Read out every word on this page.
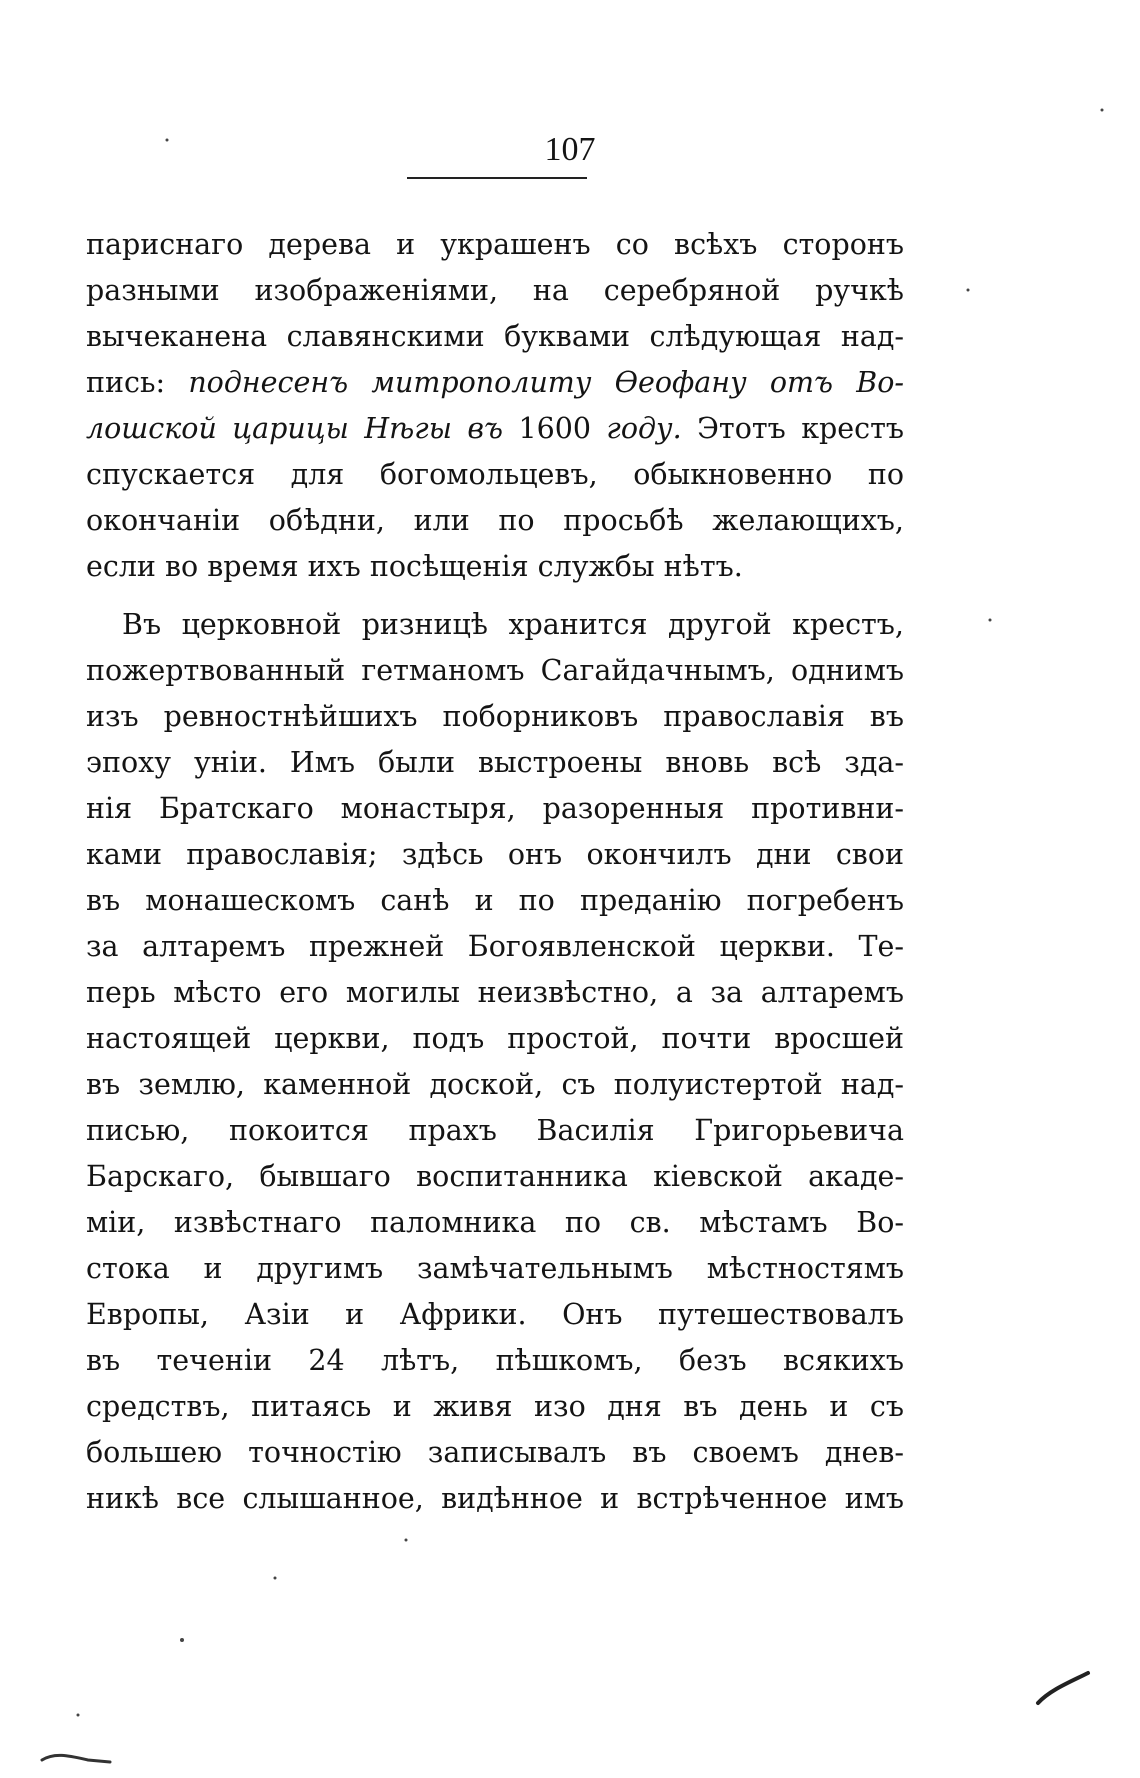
107
париснаго дерева и украшенъ со всѣхъ сторонъ
разными изображеніями, на серебряной ручкѣ
вычеканена славянскими буквами слѣдующая над-
пись: поднесенъ митрополиту Ѳеофану отъ Во-
лошской царицы Нѣгы въ 1600 году. Этотъ крестъ
спускается для богомольцевъ, обыкновенно по
окончаніи обѣдни, или по просьбѣ желающихъ,
если во время ихъ посѣщенія службы нѣтъ.
Въ церковной ризницѣ хранится другой крестъ,
пожертвованный гетманомъ Сагайдачнымъ, однимъ
изъ ревностнѣйшихъ поборниковъ православія въ
эпоху уніи. Имъ были выстроены вновь всѣ зда-
нія Братскаго монастыря, разоренныя противни-
ками православія; здѣсь онъ окончилъ дни свои
въ монашескомъ санѣ и по преданію погребенъ
за алтаремъ прежней Богоявленской церкви. Те-
перь мѣсто его могилы неизвѣстно, а за алтаремъ
настоящей церкви, подъ простой, почти вросшей
въ землю, каменной доской, съ полуистертой над-
писью, покоится прахъ Василія Григорьевича
Барскаго, бывшаго воспитанника кіевской акаде-
міи, извѣстнаго паломника по св. мѣстамъ Во-
стока и другимъ замѣчательнымъ мѣстностямъ
Европы, Азіи и Африки. Онъ путешествовалъ
въ теченіи 24 лѣтъ, пѣшкомъ, безъ всякихъ
средствъ, питаясь и живя изо дня въ день и съ
большею точностію записывалъ въ своемъ днев-
никѣ все слышанное, видѣнное и встрѣченное имъ
